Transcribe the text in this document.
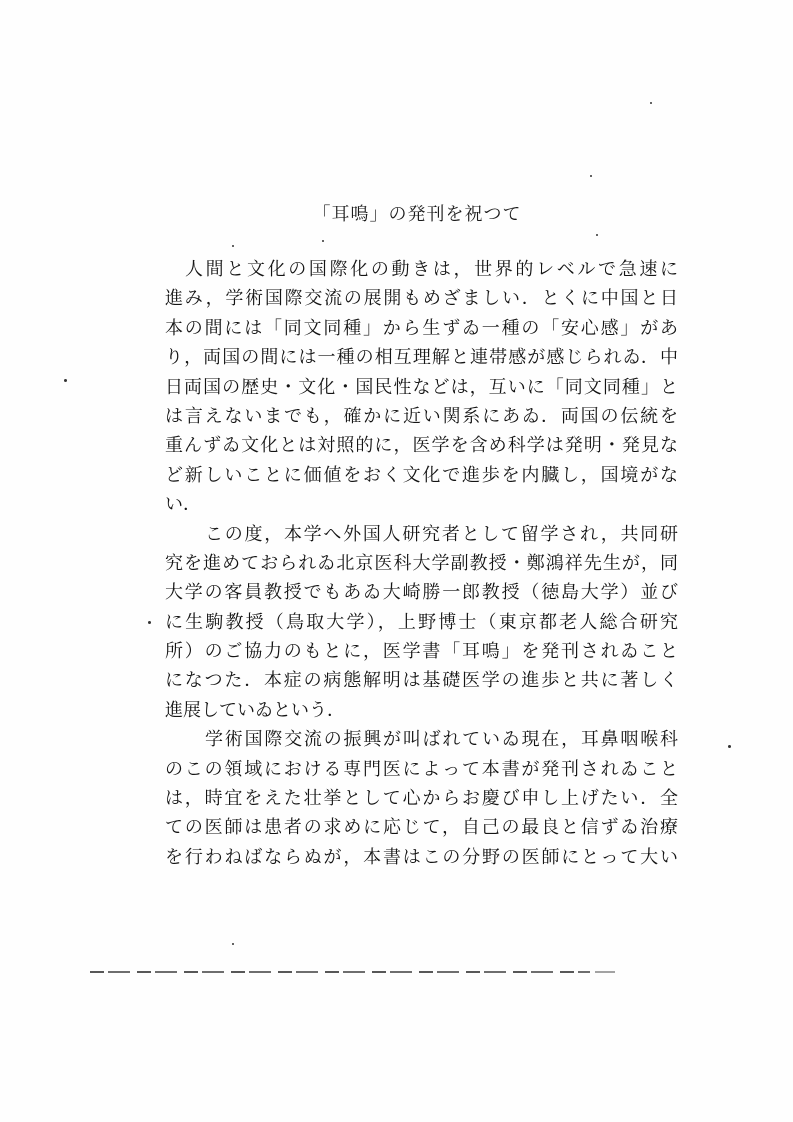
「耳鳴」の発刊を祝つて
人間と文化の国際化の動きは，世界的レベルで急速に
進み，学術国際交流の展開もめざましい．とくに中国と日
本の間には「同文同種」から生ずゐ一種の「安心感」があ
り，両国の間には一種の相互理解と連帯感が感じられゐ．中
日両国の歴史・文化・国民性などは，互いに「同文同種」と
は言えないまでも，確かに近い関系にあゐ．両国の伝統を
重んずゐ文化とは対照的に，医学を含め科学は発明・発見な
ど新しいことに価値をおく文化で進歩を内臓し，国境がな
い．
この度，本学へ外国人研究者として留学され，共同研
究を進めておられゐ北京医科大学副教授・鄭鴻祥先生が，同
大学の客員教授でもあゐ大崎勝一郎教授（徳島大学）並び
に生駒教授（鳥取大学），上野博士（東京都老人総合研究
所）のご協力のもとに，医学書「耳鳴」を発刊されゐこと
になつた．本症の病態解明は基礎医学の進歩と共に著しく
進展していゐという．
学術国際交流の振興が叫ばれていゐ現在，耳鼻咽喉科
のこの領域における専門医によって本書が発刊されゐこと
は，時宜をえた壮挙として心からお慶び申し上げたい．全
ての医師は患者の求めに応じて，自己の最良と信ずゐ治療
を行わねばならぬが，本書はこの分野の医師にとって大い
